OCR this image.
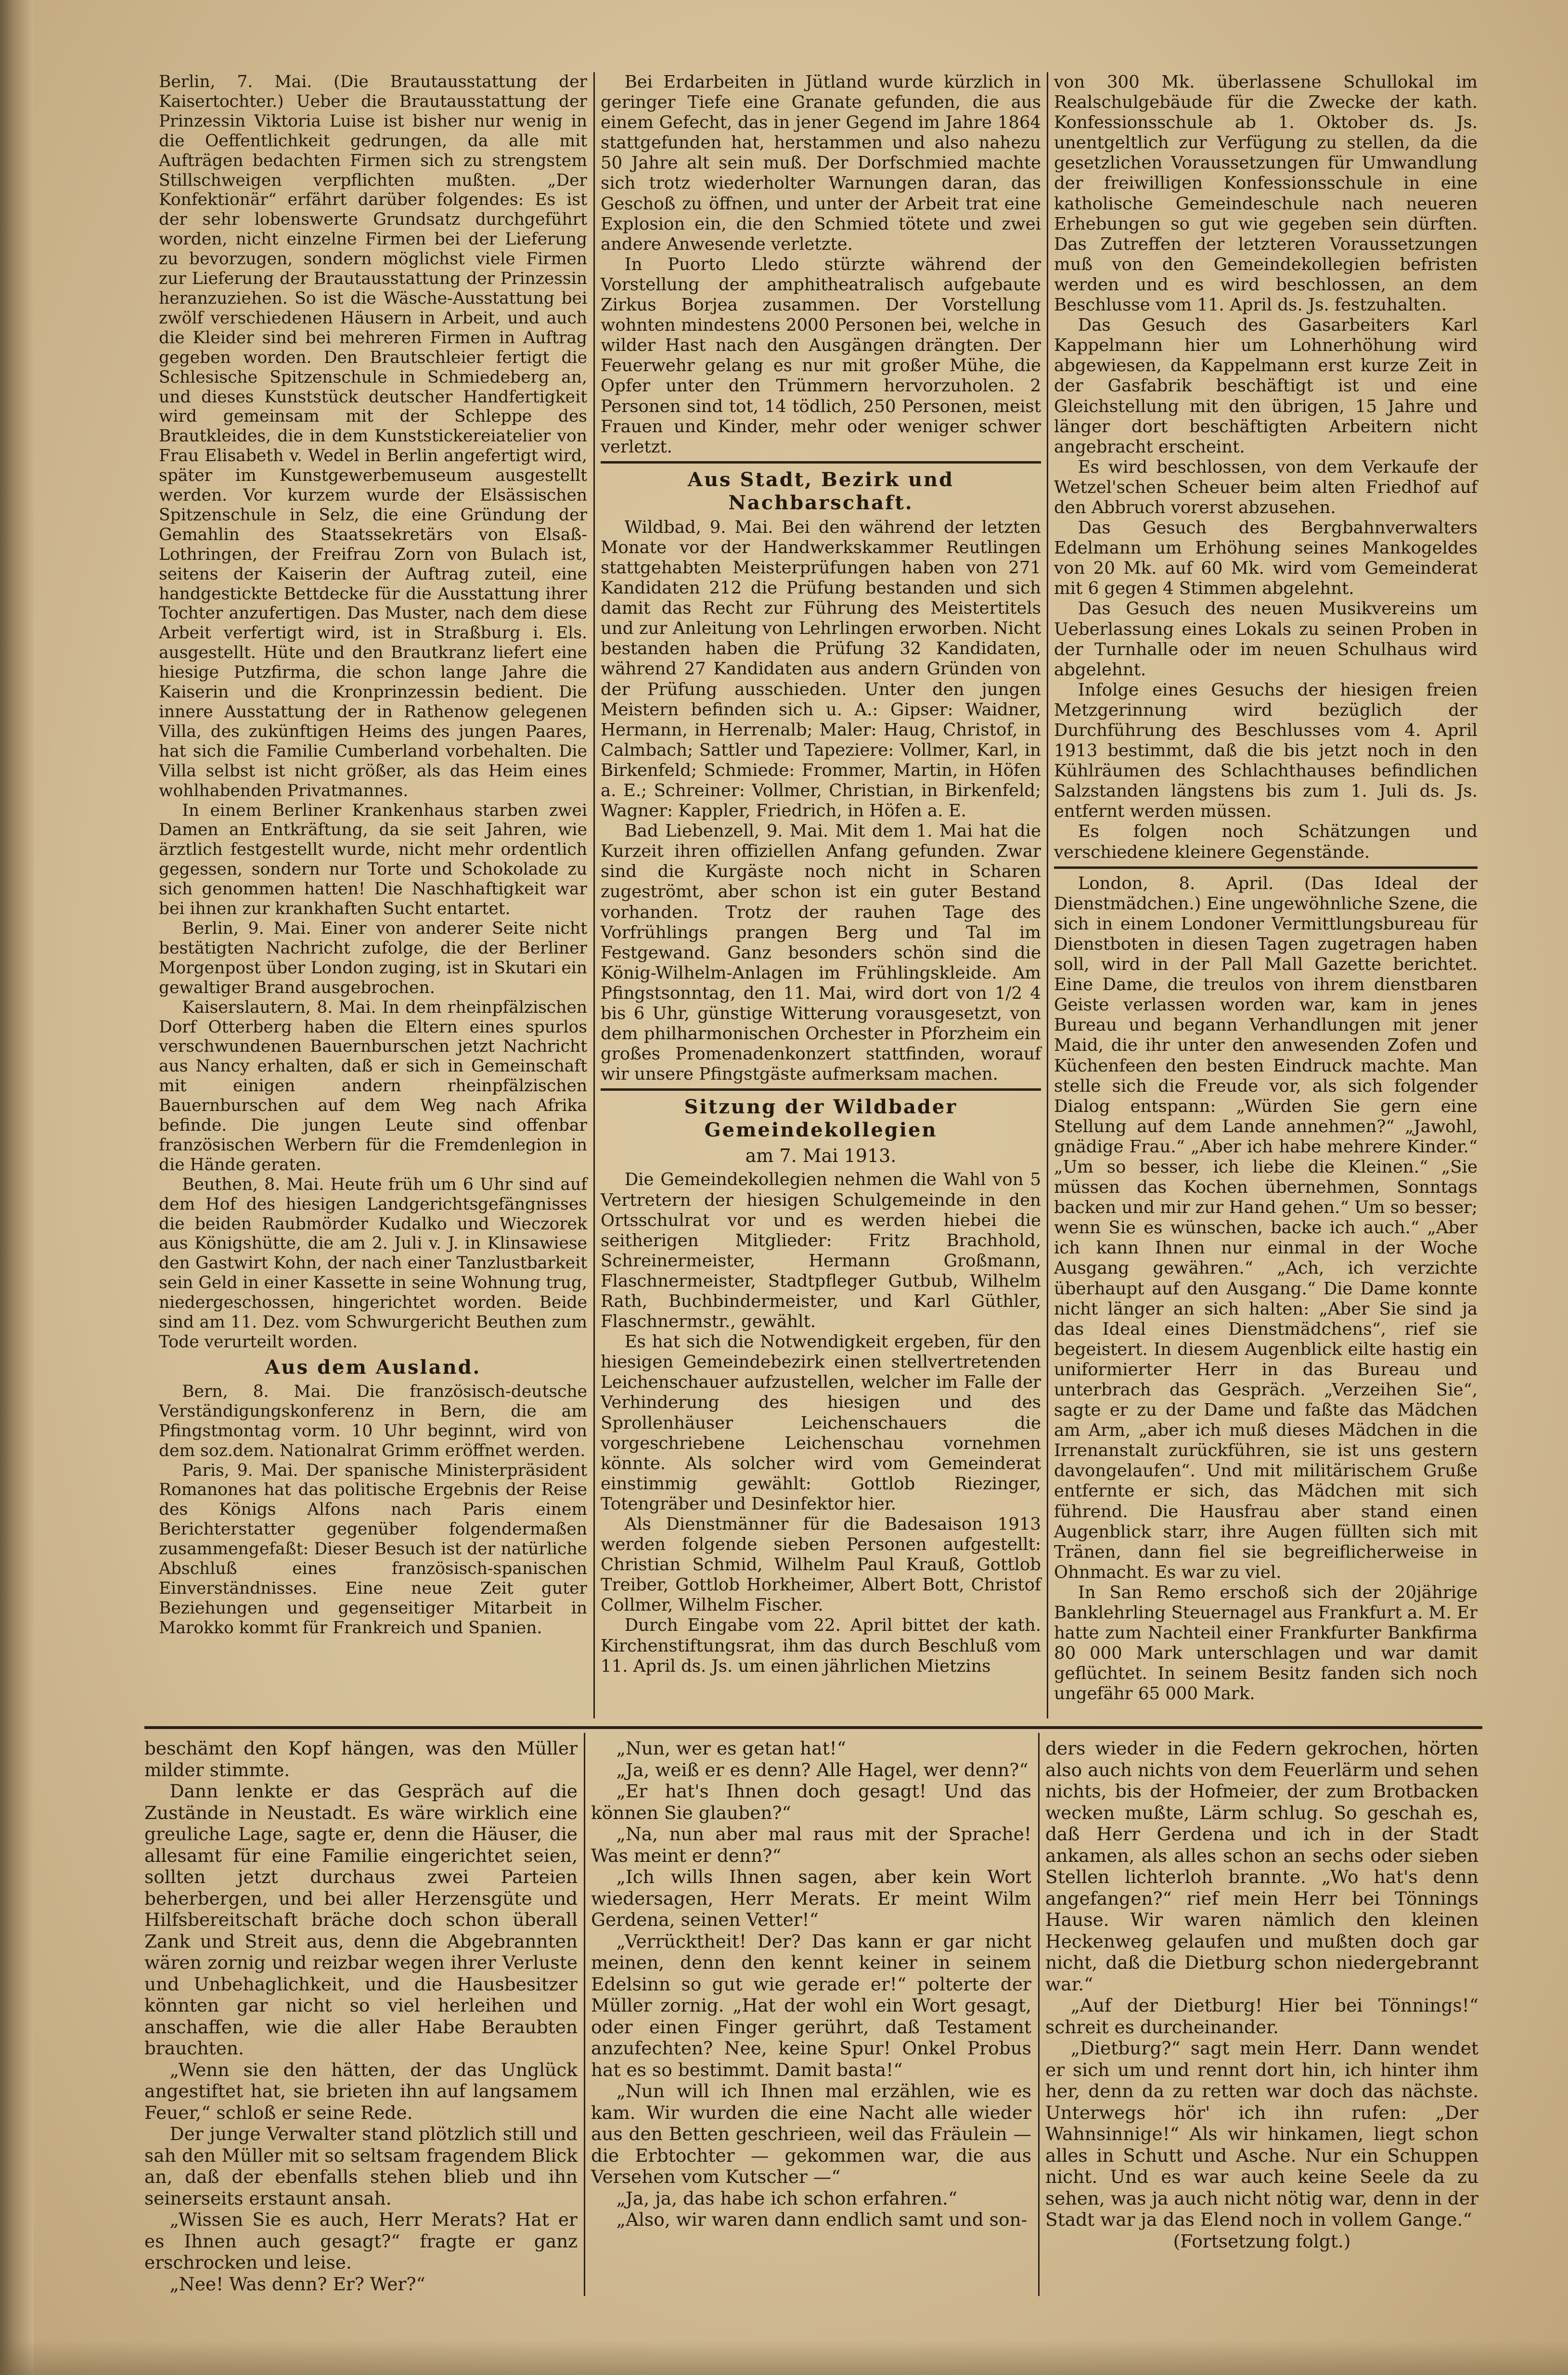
Berlin, 7. Mai. (Die Brautausstattung der Kaisertochter.) Ueber die Brautausstattung der Prinzessin Viktoria Luise ist bisher nur wenig in die Oeffentlichkeit gedrungen, da alle mit Aufträgen bedachten Firmen sich zu strengstem Stillschweigen verpflichten mußten. „Der Konfektionär“ erfährt darüber folgendes: Es ist der sehr lobenswerte Grundsatz durchgeführt worden, nicht einzelne Firmen bei der Lieferung zu bevorzugen, sondern möglichst viele Firmen zur Lieferung der Brautausstattung der Prinzessin heranzuziehen. So ist die Wäsche-Ausstattung bei zwölf verschiedenen Häusern in Arbeit, und auch die Kleider sind bei mehreren Firmen in Auftrag gegeben worden. Den Brautschleier fertigt die Schlesische Spitzenschule in Schmiedeberg an, und dieses Kunststück deutscher Handfertigkeit wird gemeinsam mit der Schleppe des Brautkleides, die in dem Kunststickereiatelier von Frau Elisabeth v. Wedel in Berlin angefertigt wird, später im Kunstgewerbemuseum ausgestellt werden. Vor kurzem wurde der Elsässischen Spitzenschule in Selz, die eine Gründung der Gemahlin des Staatssekretärs von Elsaß-Lothringen, der Freifrau Zorn von Bulach ist, seitens der Kaiserin der Auftrag zuteil, eine handgestickte Bettdecke für die Ausstattung ihrer Tochter anzufertigen. Das Muster, nach dem diese Arbeit verfertigt wird, ist in Straßburg i. Els. ausgestellt. Hüte und den Brautkranz liefert eine hiesige Putzfirma, die schon lange Jahre die Kaiserin und die Kronprinzessin bedient. Die innere Ausstattung der in Rathenow gelegenen Villa, des zukünftigen Heims des jungen Paares, hat sich die Familie Cumberland vorbehalten. Die Villa selbst ist nicht größer, als das Heim eines wohlhabenden Privatmannes.

In einem Berliner Krankenhaus starben zwei Damen an Entkräftung, da sie seit Jahren, wie ärztlich festgestellt wurde, nicht mehr ordentlich gegessen, sondern nur Torte und Schokolade zu sich genommen hatten! Die Naschhaftigkeit war bei ihnen zur krankhaften Sucht entartet.

Berlin, 9. Mai. Einer von anderer Seite nicht bestätigten Nachricht zufolge, die der Berliner Morgenpost über London zuging, ist in Skutari ein gewaltiger Brand ausgebrochen.

Kaiserslautern, 8. Mai. In dem rheinpfälzischen Dorf Otterberg haben die Eltern eines spurlos verschwundenen Bauernburschen jetzt Nachricht aus Nancy erhalten, daß er sich in Gemeinschaft mit einigen andern rheinpfälzischen Bauernburschen auf dem Weg nach Afrika befinde. Die jungen Leute sind offenbar französischen Werbern für die Fremdenlegion in die Hände geraten.

Beuthen, 8. Mai. Heute früh um 6 Uhr sind auf dem Hof des hiesigen Landgerichtsgefängnisses die beiden Raubmörder Kudalko und Wieczorek aus Königshütte, die am 2. Juli v. J. in Klinsawiese den Gastwirt Kohn, der nach einer Tanzlustbarkeit sein Geld in einer Kassette in seine Wohnung trug, niedergeschossen, hingerichtet worden. Beide sind am 11. Dez. vom Schwurgericht Beuthen zum Tode verurteilt worden.

Aus dem Ausland.

Bern, 8. Mai. Die französisch-deutsche Verständigungskonferenz in Bern, die am Pfingstmontag vorm. 10 Uhr beginnt, wird von dem soz.dem. Nationalrat Grimm eröffnet werden.

Paris, 9. Mai. Der spanische Ministerpräsident Romanones hat das politische Ergebnis der Reise des Königs Alfons nach Paris einem Berichterstatter gegenüber folgendermaßen zusammengefaßt: Dieser Besuch ist der natürliche Abschluß eines französisch-spanischen Einverständnisses. Eine neue Zeit guter Beziehungen und gegenseitiger Mitarbeit in Marokko kommt für Frankreich und Spanien.

Bei Erdarbeiten in Jütland wurde kürzlich in geringer Tiefe eine Granate gefunden, die aus einem Gefecht, das in jener Gegend im Jahre 1864 stattgefunden hat, herstammen und also nahezu 50 Jahre alt sein muß. Der Dorfschmied machte sich trotz wiederholter Warnungen daran, das Geschoß zu öffnen, und unter der Arbeit trat eine Explosion ein, die den Schmied tötete und zwei andere Anwesende verletzte.

In Puorto Lledo stürzte während der Vorstellung der amphitheatralisch aufgebaute Zirkus Borjea zusammen. Der Vorstellung wohnten mindestens 2000 Personen bei, welche in wilder Hast nach den Ausgängen drängten. Der Feuerwehr gelang es nur mit großer Mühe, die Opfer unter den Trümmern hervorzuholen. 2 Personen sind tot, 14 tödlich, 250 Personen, meist Frauen und Kinder, mehr oder weniger schwer verletzt.

Aus Stadt, Bezirk und Nachbarschaft.

Wildbad, 9. Mai. Bei den während der letzten Monate vor der Handwerkskammer Reutlingen stattgehabten Meisterprüfungen haben von 271 Kandidaten 212 die Prüfung bestanden und sich damit das Recht zur Führung des Meistertitels und zur Anleitung von Lehrlingen erworben. Nicht bestanden haben die Prüfung 32 Kandidaten, während 27 Kandidaten aus andern Gründen von der Prüfung ausschieden. Unter den jungen Meistern befinden sich u. A.: Gipser: Waidner, Hermann, in Herrenalb; Maler: Haug, Christof, in Calmbach; Sattler und Tapeziere: Vollmer, Karl, in Birkenfeld; Schmiede: Frommer, Martin, in Höfen a. E.; Schreiner: Vollmer, Christian, in Birkenfeld; Wagner: Kappler, Friedrich, in Höfen a. E.

Bad Liebenzell, 9. Mai. Mit dem 1. Mai hat die Kurzeit ihren offiziellen Anfang gefunden. Zwar sind die Kurgäste noch nicht in Scharen zugeströmt, aber schon ist ein guter Bestand vorhanden. Trotz der rauhen Tage des Vorfrühlings prangen Berg und Tal im Festgewand. Ganz besonders schön sind die König-Wilhelm-Anlagen im Frühlingskleide. Am Pfingstsonntag, den 11. Mai, wird dort von 1/2 4 bis 6 Uhr, günstige Witterung vorausgesetzt, von dem philharmonischen Orchester in Pforzheim ein großes Promenadenkonzert stattfinden, worauf wir unsere Pfingstgäste aufmerksam machen.

Sitzung der Wildbader Gemeindekollegien
am 7. Mai 1913.

Die Gemeindekollegien nehmen die Wahl von 5 Vertretern der hiesigen Schulgemeinde in den Ortsschulrat vor und es werden hiebei die seitherigen Mitglieder: Fritz Brachhold, Schreinermeister, Hermann Großmann, Flaschnermeister, Stadtpfleger Gutbub, Wilhelm Rath, Buchbindermeister, und Karl Güthler, Flaschnermstr., gewählt.

Es hat sich die Notwendigkeit ergeben, für den hiesigen Gemeindebezirk einen stellvertretenden Leichenschauer aufzustellen, welcher im Falle der Verhinderung des hiesigen und des Sprollenhäuser Leichenschauers die vorgeschriebene Leichenschau vornehmen könnte. Als solcher wird vom Gemeinderat einstimmig gewählt: Gottlob Riezinger, Totengräber und Desinfektor hier.

Als Dienstmänner für die Badesaison 1913 werden folgende sieben Personen aufgestellt: Christian Schmid, Wilhelm Paul Krauß, Gottlob Treiber, Gottlob Horkheimer, Albert Bott, Christof Collmer, Wilhelm Fischer.

Durch Eingabe vom 22. April bittet der kath. Kirchenstiftungsrat, ihm das durch Beschluß vom 11. April ds. Js. um einen jährlichen Mietzins

von 300 Mk. überlassene Schullokal im Realschulgebäude für die Zwecke der kath. Konfessionsschule ab 1. Oktober ds. Js. unentgeltlich zur Verfügung zu stellen, da die gesetzlichen Voraussetzungen für Umwandlung der freiwilligen Konfessionsschule in eine katholische Gemeindeschule nach neueren Erhebungen so gut wie gegeben sein dürften. Das Zutreffen der letzteren Voraussetzungen muß von den Gemeindekollegien befristen werden und es wird beschlossen, an dem Beschlusse vom 11. April ds. Js. festzuhalten.

Das Gesuch des Gasarbeiters Karl Kappelmann hier um Lohnerhöhung wird abgewiesen, da Kappelmann erst kurze Zeit in der Gasfabrik beschäftigt ist und eine Gleichstellung mit den übrigen, 15 Jahre und länger dort beschäftigten Arbeitern nicht angebracht erscheint.

Es wird beschlossen, von dem Verkaufe der Wetzel'schen Scheuer beim alten Friedhof auf den Abbruch vorerst abzusehen.

Das Gesuch des Bergbahnverwalters Edelmann um Erhöhung seines Mankogeldes von 20 Mk. auf 60 Mk. wird vom Gemeinderat mit 6 gegen 4 Stimmen abgelehnt.

Das Gesuch des neuen Musikvereins um Ueberlassung eines Lokals zu seinen Proben in der Turnhalle oder im neuen Schulhaus wird abgelehnt.

Infolge eines Gesuchs der hiesigen freien Metzgerinnung wird bezüglich der Durchführung des Beschlusses vom 4. April 1913 bestimmt, daß die bis jetzt noch in den Kühlräumen des Schlachthauses befindlichen Salzstanden längstens bis zum 1. Juli ds. Js. entfernt werden müssen.

Es folgen noch Schätzungen und verschiedene kleinere Gegenstände.

London, 8. April. (Das Ideal der Dienstmädchen.) Eine ungewöhnliche Szene, die sich in einem Londoner Vermittlungsbureau für Dienstboten in diesen Tagen zugetragen haben soll, wird in der Pall Mall Gazette berichtet. Eine Dame, die treulos von ihrem dienstbaren Geiste verlassen worden war, kam in jenes Bureau und begann Verhandlungen mit jener Maid, die ihr unter den anwesenden Zofen und Küchenfeen den besten Eindruck machte. Man stelle sich die Freude vor, als sich folgender Dialog entspann: „Würden Sie gern eine Stellung auf dem Lande annehmen?“ „Jawohl, gnädige Frau.“ „Aber ich habe mehrere Kinder.“ „Um so besser, ich liebe die Kleinen.“ „Sie müssen das Kochen übernehmen, Sonntags backen und mir zur Hand gehen.“ Um so besser; wenn Sie es wünschen, backe ich auch.“ „Aber ich kann Ihnen nur einmal in der Woche Ausgang gewähren.“ „Ach, ich verzichte überhaupt auf den Ausgang.“ Die Dame konnte nicht länger an sich halten: „Aber Sie sind ja das Ideal eines Dienstmädchens“, rief sie begeistert. In diesem Augenblick eilte hastig ein uniformierter Herr in das Bureau und unterbrach das Gespräch. „Verzeihen Sie“, sagte er zu der Dame und faßte das Mädchen am Arm, „aber ich muß dieses Mädchen in die Irrenanstalt zurückführen, sie ist uns gestern davongelaufen“. Und mit militärischem Gruße entfernte er sich, das Mädchen mit sich führend. Die Hausfrau aber stand einen Augenblick starr, ihre Augen füllten sich mit Tränen, dann fiel sie begreiflicherweise in Ohnmacht. Es war zu viel.

In San Remo erschoß sich der 20jährige Banklehrling Steuernagel aus Frankfurt a. M. Er hatte zum Nachteil einer Frankfurter Bankfirma 80 000 Mark unterschlagen und war damit geflüchtet. In seinem Besitz fanden sich noch ungefähr 65 000 Mark.

beschämt den Kopf hängen, was den Müller milder stimmte.

Dann lenkte er das Gespräch auf die Zustände in Neustadt. Es wäre wirklich eine greuliche Lage, sagte er, denn die Häuser, die allesamt für eine Familie eingerichtet seien, sollten jetzt durchaus zwei Parteien beherbergen, und bei aller Herzensgüte und Hilfsbereitschaft bräche doch schon überall Zank und Streit aus, denn die Abgebrannten wären zornig und reizbar wegen ihrer Verluste und Unbehaglichkeit, und die Hausbesitzer könnten gar nicht so viel herleihen und anschaffen, wie die aller Habe Beraubten brauchten.

„Wenn sie den hätten, der das Unglück angestiftet hat, sie brieten ihn auf langsamem Feuer,“ schloß er seine Rede.

Der junge Verwalter stand plötzlich still und sah den Müller mit so seltsam fragendem Blick an, daß der ebenfalls stehen blieb und ihn seinerseits erstaunt ansah.

„Wissen Sie es auch, Herr Merats? Hat er es Ihnen auch gesagt?“ fragte er ganz erschrocken und leise.

„Nee! Was denn? Er? Wer?“

„Nun, wer es getan hat!“

„Ja, weiß er es denn? Alle Hagel, wer denn?“

„Er hat's Ihnen doch gesagt! Und das können Sie glauben?“

„Na, nun aber mal raus mit der Sprache! Was meint er denn?“

„Ich wills Ihnen sagen, aber kein Wort wiedersagen, Herr Merats. Er meint Wilm Gerdena, seinen Vetter!“

„Verrücktheit! Der? Das kann er gar nicht meinen, denn den kennt keiner in seinem Edelsinn so gut wie gerade er!“ polterte der Müller zornig. „Hat der wohl ein Wort gesagt, oder einen Finger gerührt, daß Testament anzufechten? Nee, keine Spur! Onkel Probus hat es so bestimmt. Damit basta!“

„Nun will ich Ihnen mal erzählen, wie es kam. Wir wurden die eine Nacht alle wieder aus den Betten geschrieen, weil das Fräulein — die Erbtochter — gekommen war, die aus Versehen vom Kutscher —“

„Ja, ja, das habe ich schon erfahren.“

„Also, wir waren dann endlich samt und son-

ders wieder in die Federn gekrochen, hörten also auch nichts von dem Feuerlärm und sehen nichts, bis der Hofmeier, der zum Brotbacken wecken mußte, Lärm schlug. So geschah es, daß Herr Gerdena und ich in der Stadt ankamen, als alles schon an sechs oder sieben Stellen lichterloh brannte. „Wo hat's denn angefangen?“ rief mein Herr bei Tönnings Hause. Wir waren nämlich den kleinen Heckenweg gelaufen und mußten doch gar nicht, daß die Dietburg schon niedergebrannt war.“

„Auf der Dietburg! Hier bei Tönnings!“ schreit es durcheinander.

„Dietburg?“ sagt mein Herr. Dann wendet er sich um und rennt dort hin, ich hinter ihm her, denn da zu retten war doch das nächste. Unterwegs hör' ich ihn rufen: „Der Wahnsinnige!“ Als wir hinkamen, liegt schon alles in Schutt und Asche. Nur ein Schuppen nicht. Und es war auch keine Seele da zu sehen, was ja auch nicht nötig war, denn in der Stadt war ja das Elend noch in vollem Gange.“

(Fortsetzung folgt.)
